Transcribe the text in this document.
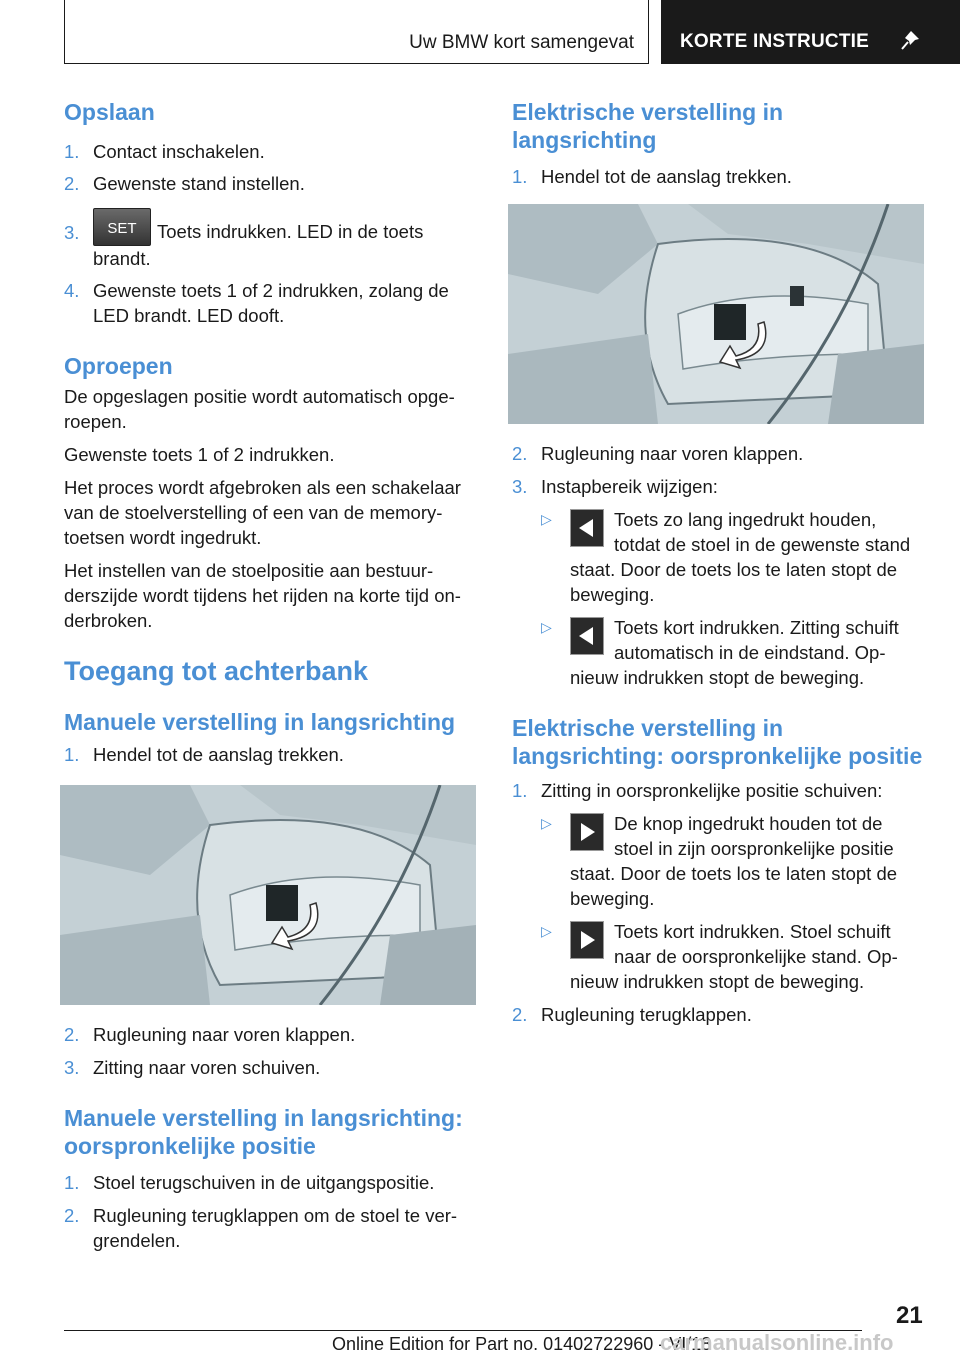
Uw BMW kort samengevat KORTE INSTRUCTIE
Opslaan
1. Contact inschakelen.
2. Gewenste stand instellen.
3.	SET	Toets indrukken. LED in de toets brandt.
4. Gewenste toets 1 of 2 indrukken, zolang de LED brandt. LED dooft.
Oproepen

De opgeslagen positie wordt automatisch opge-roepen.

Gewenste toets 1 of 2 indrukken.

Het proces wordt afgebroken als een schakelaar van de stoelverstelling of een van de memory-toetsen wordt ingedrukt.

Het instellen van de stoelpositie aan bestuur-derszijde wordt tijdens het rijden na korte tijd on-derbroken.

Toegang tot achterbank
Manuele verstelling in langsrichting
1. Hendel tot de aanslag trekken.
2. Rugleuning naar voren klappen.
3. Zitting naar voren schuiven.
Manuele verstelling in langsrichting: oorspronkelijke positie
1. Stoel terugschuiven in de uitgangspositie.
2. Rugleuning terugklappen om de stoel te ver-grendelen.
Elektrische verstelling in langsrichting
1. Hendel tot de aanslag trekken.
2. Rugleuning naar voren klappen.
3. Instapbereik wijzigen:
▷	Toets zo lang ingedrukt houden, totdat de stoel in de gewenste stand staat. Door de toets los te laten stopt de beweging.
▷	Toets kort indrukken. Zitting schuift automatisch in de eindstand. Op-nieuw indrukken stopt de beweging.
Elektrische verstelling in langsrichting: oorspronkelijke positie
1. Zitting in oorspronkelijke positie schuiven:
▷	De knop ingedrukt houden tot de stoel in zijn oorspronkelijke positie staat. Door de toets los te laten stopt de beweging.
▷	Toets kort indrukken. Stoel schuift naar de oorspronkelijke stand. Op-nieuw indrukken stopt de beweging.
2. Rugleuning terugklappen.
21
Online Edition for Part no. 01402722960 - VI/18
carmanualsonline.info
